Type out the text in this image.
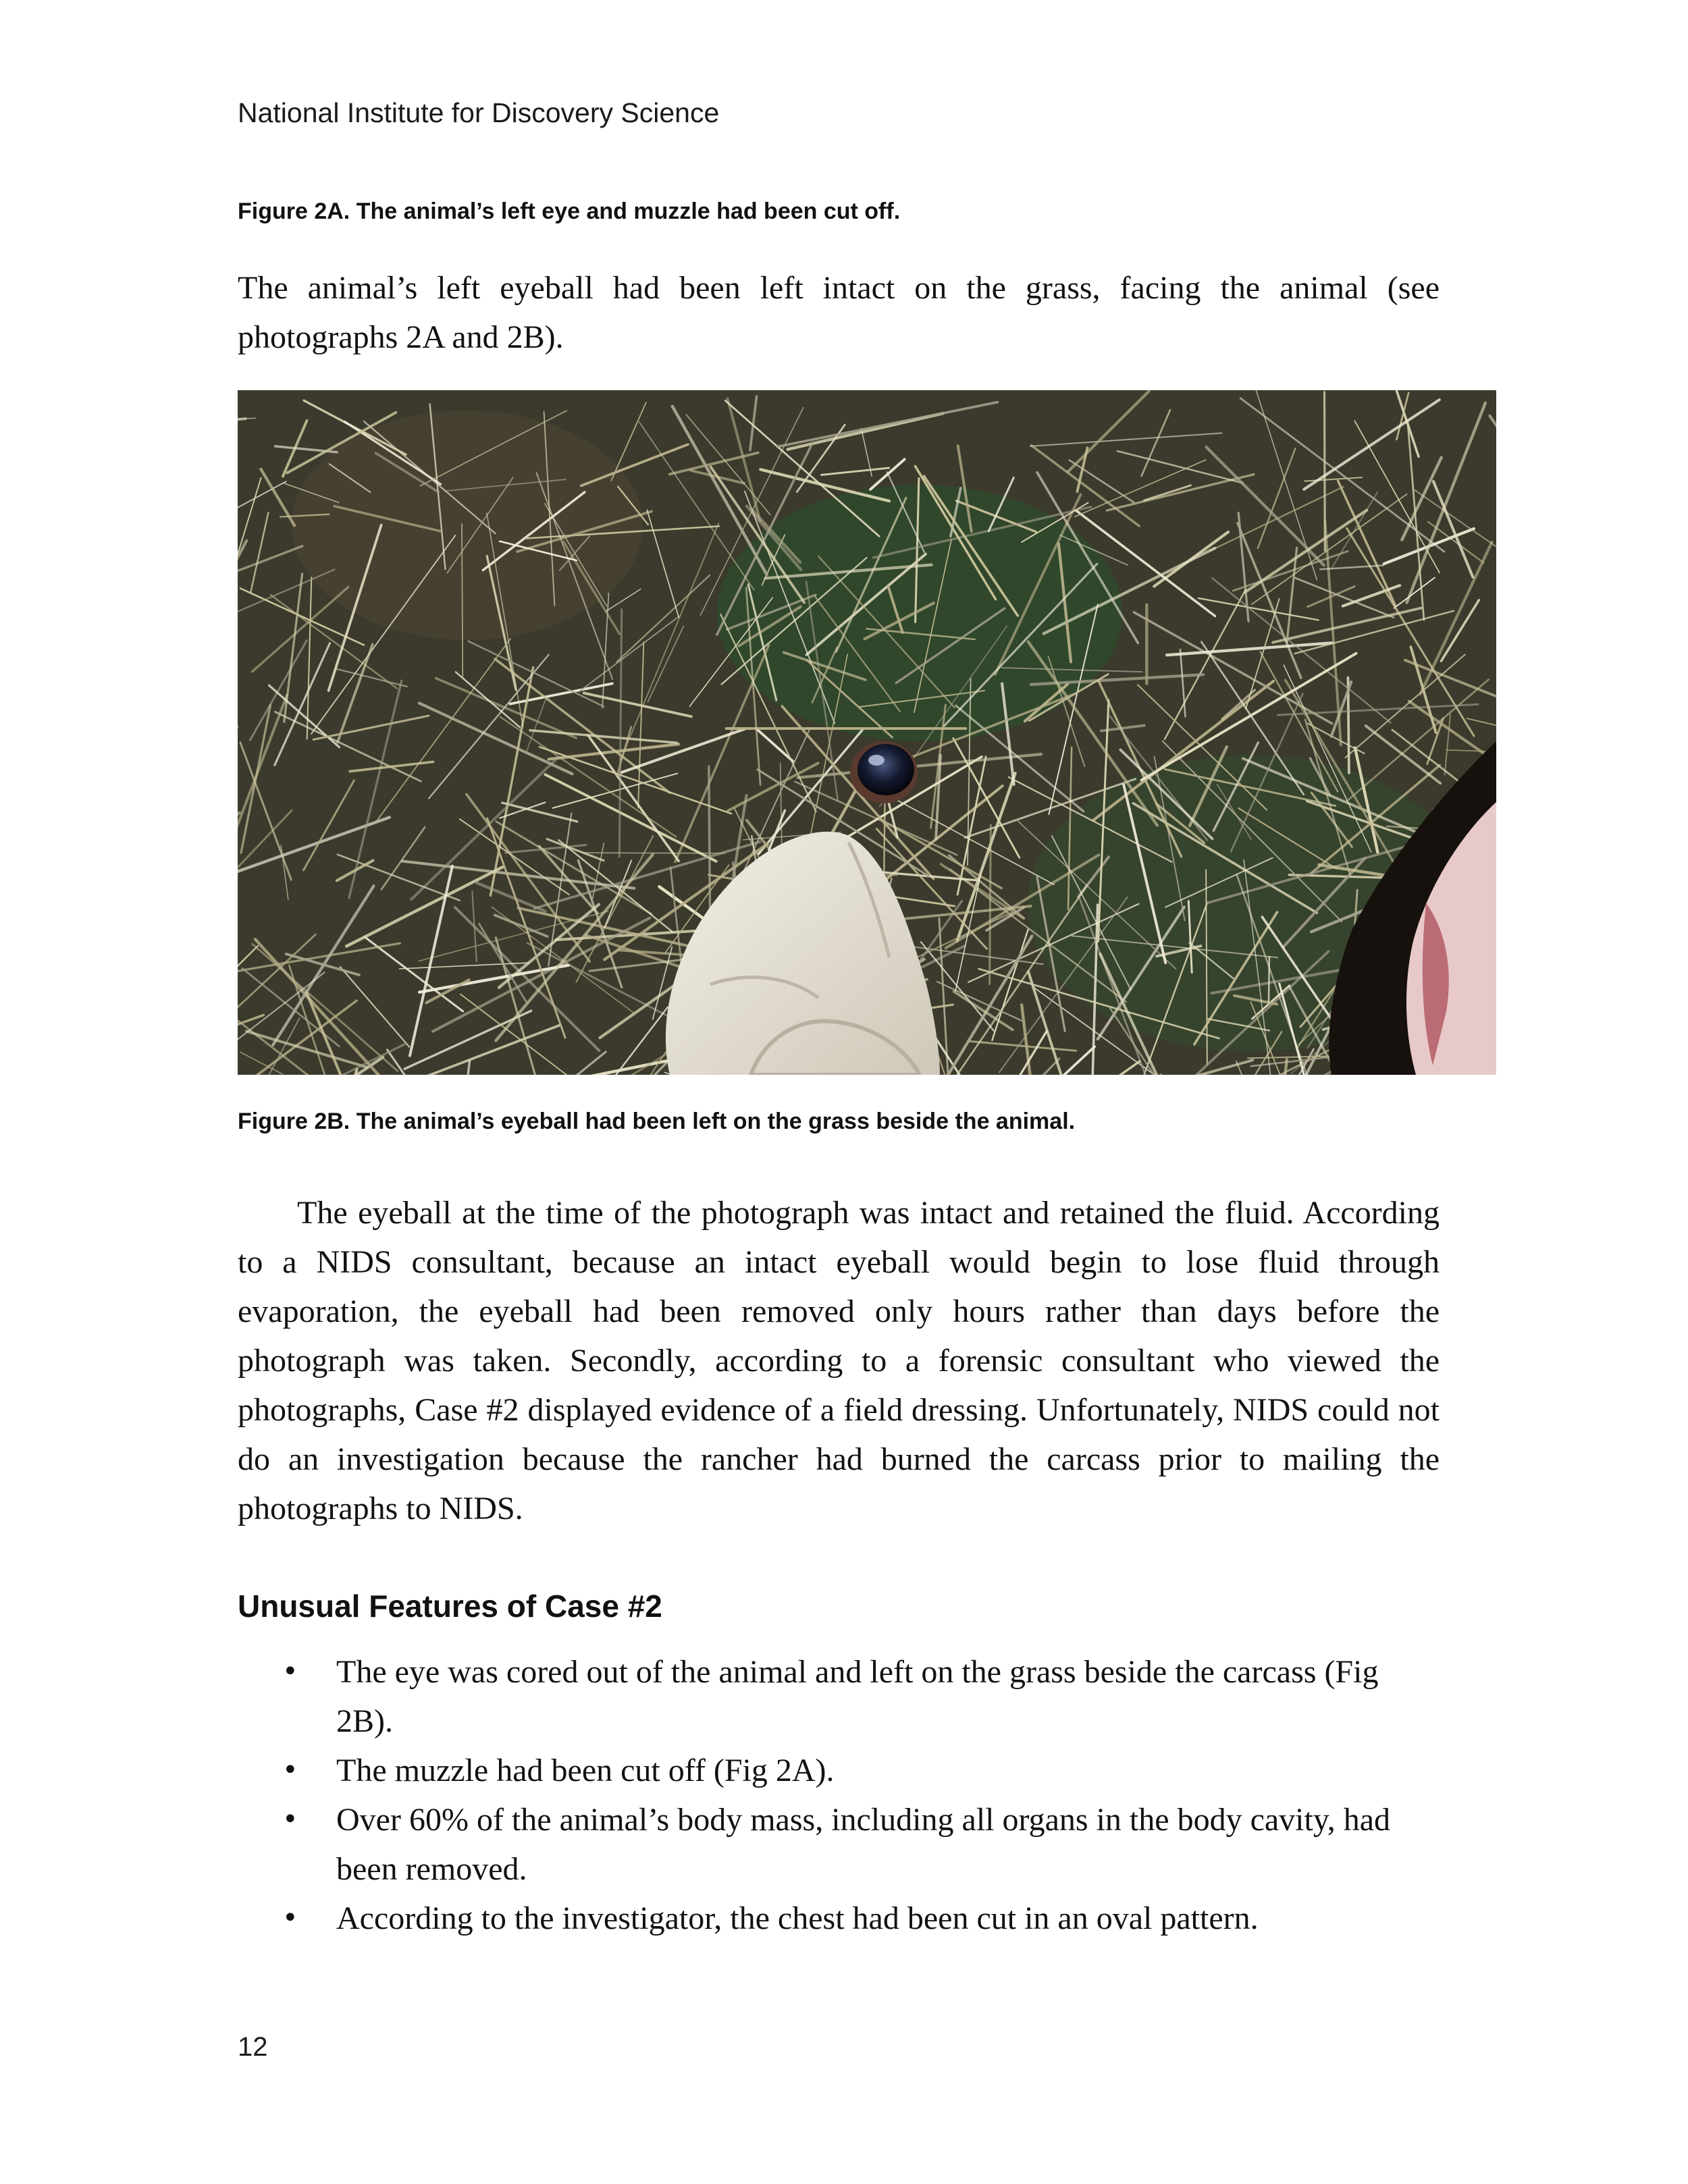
National Institute for Discovery Science
Figure 2A. The animal’s left eye and muzzle had been cut off.

The animal’s left eyeball had been left intact on the grass, facing the animal (see photographs 2A and 2B).

Figure 2B. The animal’s eyeball had been left on the grass beside the animal.

The eyeball at the time of the photograph was intact and retained the fluid. According to a NIDS consultant, because an intact eyeball would begin to lose fluid through evaporation, the eyeball had been removed only hours rather than days before the photograph was taken. Secondly, according to a forensic consultant who viewed the photographs, Case #2 displayed evidence of a field dressing. Unfortunately, NIDS could not do an investigation because the rancher had burned the carcass prior to mailing the photographs to NIDS.

Unusual Features of Case #2
• The eye was cored out of the animal and left on the grass beside the carcass (Fig 2B).
• The muzzle had been cut off (Fig 2A).
• Over 60% of the animal’s body mass, including all organs in the body cavity, had been removed.
• According to the investigator, the chest had been cut in an oval pattern.
12
